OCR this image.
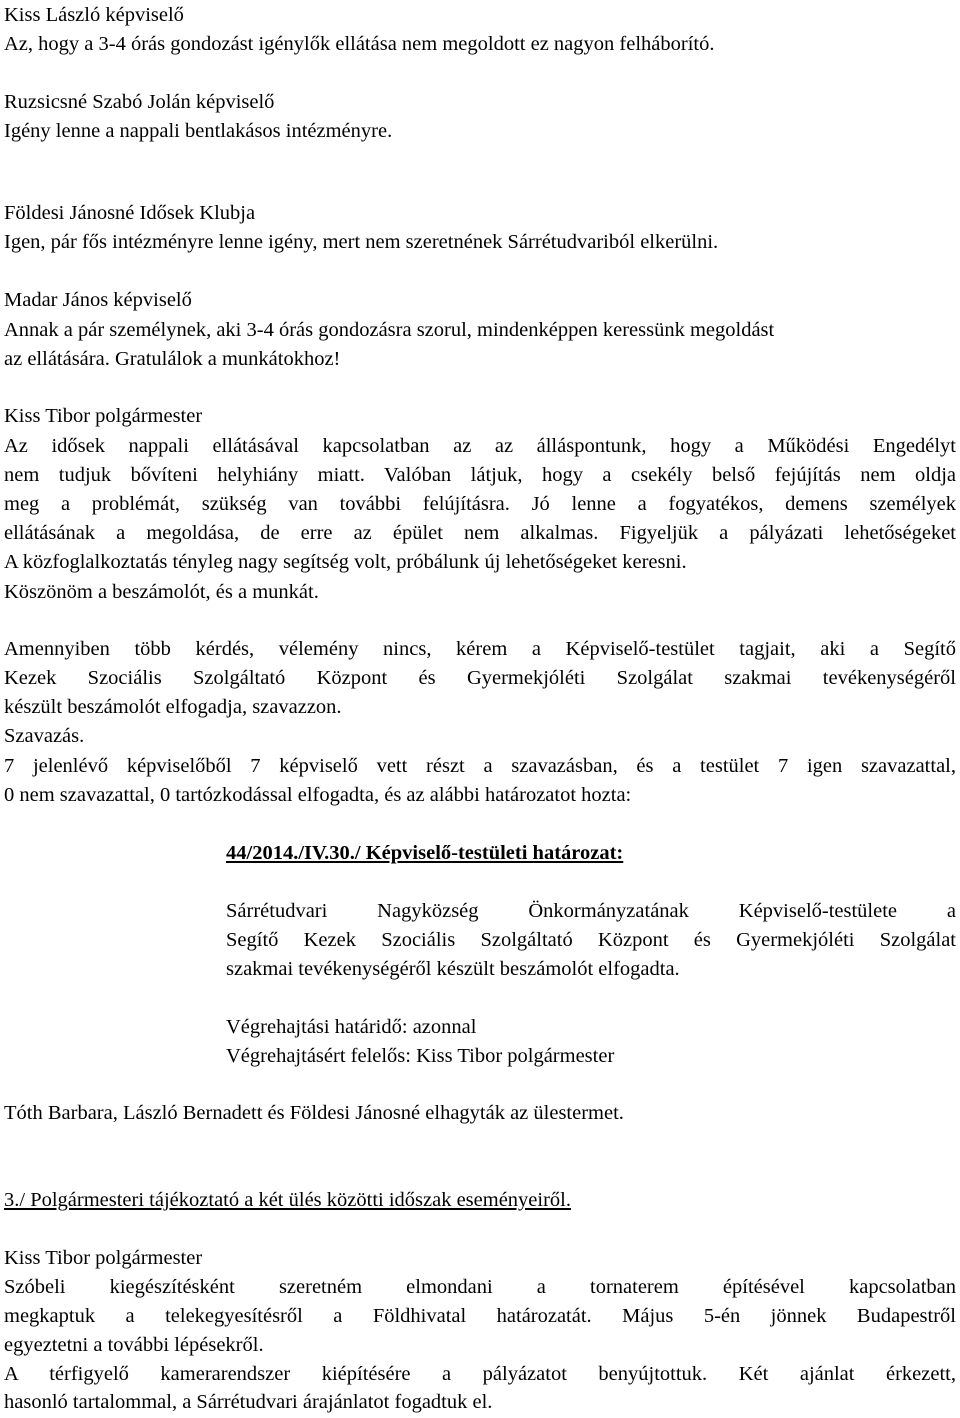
Kiss László képviselő
Az, hogy a 3-4 órás gondozást igénylők ellátása nem megoldott ez nagyon felháborító.
Ruzsicsné Szabó Jolán képviselő
Igény lenne a nappali bentlakásos intézményre.
Földesi Jánosné Idősek Klubja
Igen, pár fős intézményre lenne igény, mert nem szeretnének Sárrétudvariból elkerülni.
Madar János képviselő
Annak a pár személynek, aki 3-4 órás gondozásra szorul, mindenképpen keressünk megoldást
az ellátására. Gratulálok a munkátokhoz!
Kiss Tibor polgármester
Az idősek nappali ellátásával kapcsolatban az az álláspontunk, hogy a Működési Engedélyt
nem tudjuk bővíteni helyhiány miatt. Valóban látjuk, hogy a csekély belső fejújítás nem oldja
meg a problémát, szükség van további felújításra. Jó lenne a fogyatékos, demens személyek
ellátásának a megoldása, de erre az épület nem alkalmas. Figyeljük a pályázati lehetőségeket
A közfoglalkoztatás tényleg nagy segítség volt, próbálunk új lehetőségeket keresni.
Köszönöm a beszámolót, és a munkát.
Amennyiben több kérdés, vélemény nincs, kérem a Képviselő-testület tagjait, aki a Segítő
Kezek Szociális Szolgáltató Központ és Gyermekjóléti Szolgálat szakmai tevékenységéről
készült beszámolót elfogadja, szavazzon.
Szavazás.
7 jelenlévő képviselőből 7 képviselő vett részt a szavazásban, és a testület 7 igen szavazattal,
0 nem szavazattal, 0 tartózkodással elfogadta, és az alábbi határozatot hozta:
44/2014./IV.30./ Képviselő-testületi határozat:
Sárrétudvari Nagyközség Önkormányzatának Képviselő-testülete a
Segítő Kezek Szociális Szolgáltató Központ és Gyermekjóléti Szolgálat
szakmai tevékenységéről készült beszámolót elfogadta.
Végrehajtási határidő: azonnal
Végrehajtásért felelős: Kiss Tibor polgármester
Tóth Barbara, László Bernadett és Földesi Jánosné elhagyták az ülestermet.
3./ Polgármesteri tájékoztató a két ülés közötti időszak eseményeiről.
Kiss Tibor polgármester
Szóbeli kiegészítésként szeretném elmondani a tornaterem építésével kapcsolatban
megkaptuk a telekegyesítésről a Földhivatal határozatát. Május 5-én jönnek Budapestről
egyeztetni a további lépésekről.
A térfigyelő kamerarendszer kiépítésére a pályázatot benyújtottuk. Két ajánlat érkezett,
hasonló tartalommal, a Sárrétudvari árajánlatot fogadtuk el.
